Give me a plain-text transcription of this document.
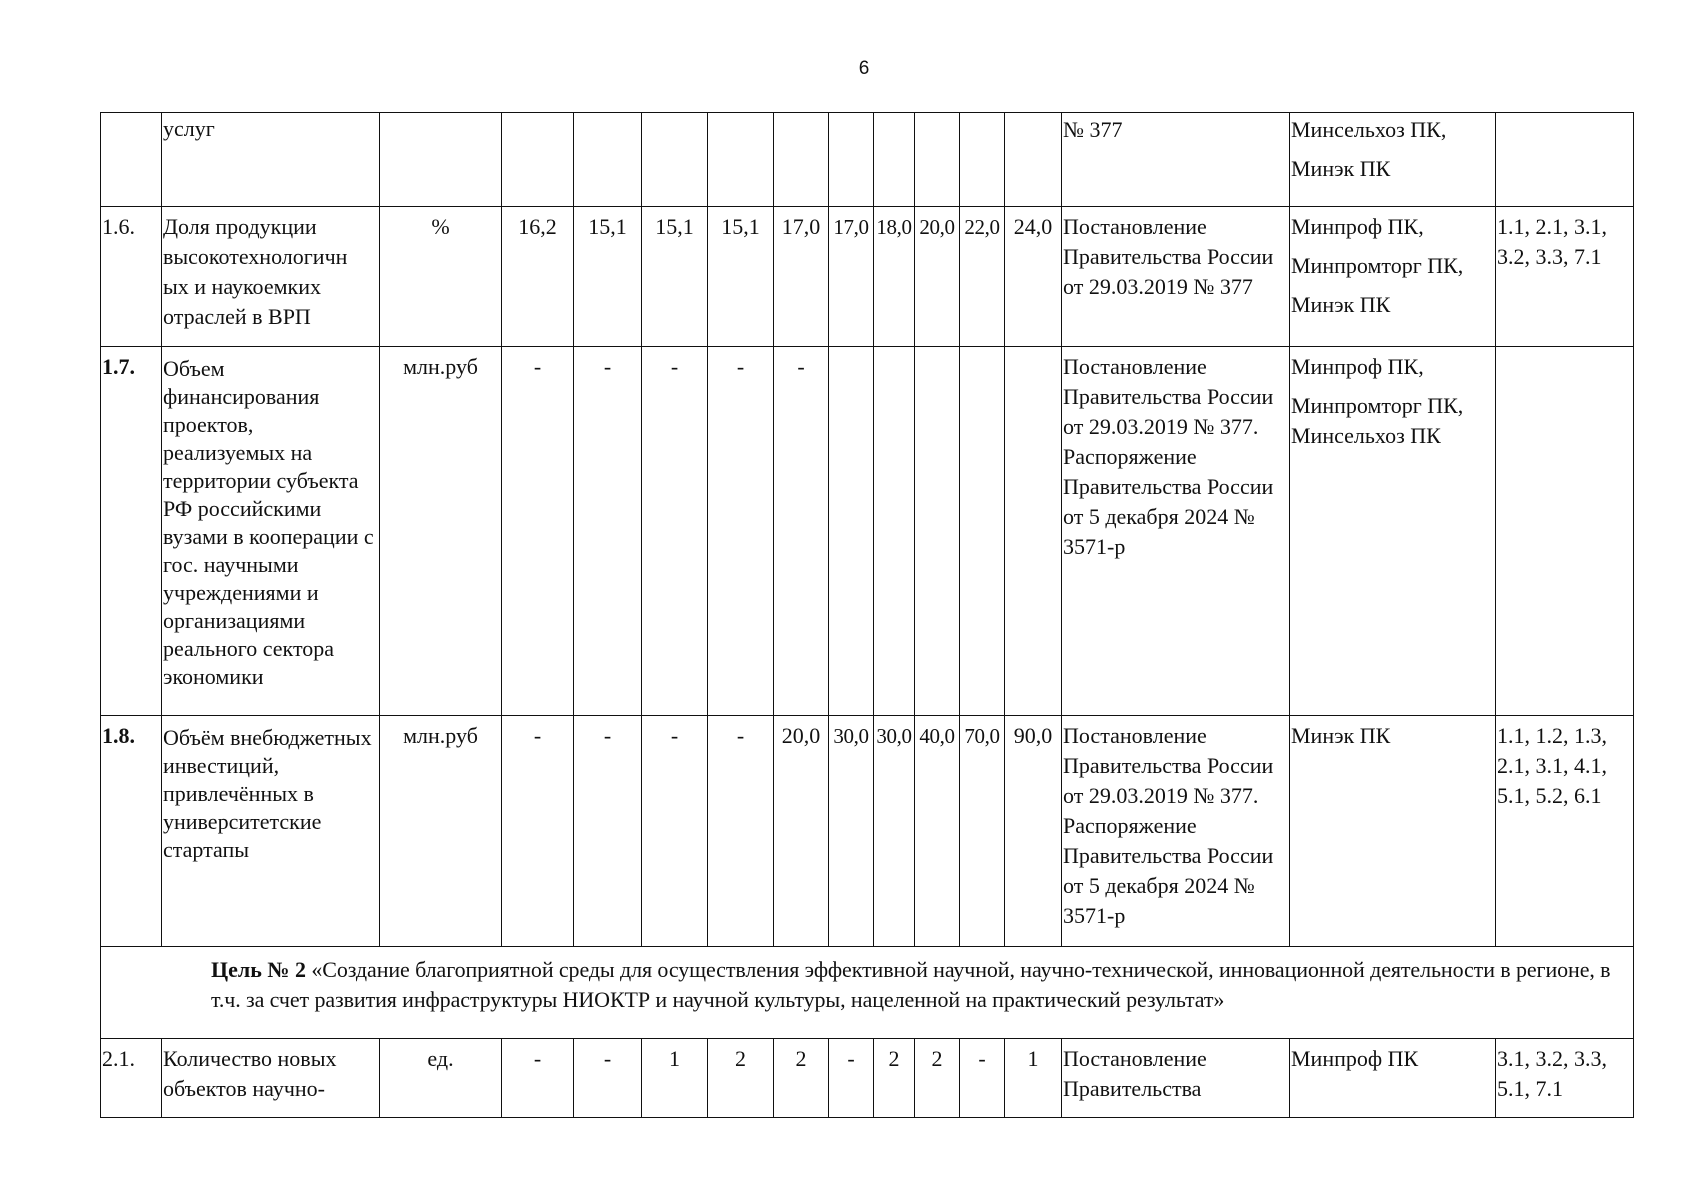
6
	услуг												№ 377	Минсельхоз ПК,
Минэк ПК	

1.6.	Доля продукции высокотехнологичн ых и наукоемких отраслей в ВРП	%	16,2	15,1	15,1	15,1	17,0	17,0	18,0	20,0	22,0	24,0	Постановление Правительства России от 29.03.2019 № 377	Минпроф ПК,
Минпромторг ПК,
Минэк ПК	1.1, 2.1, 3.1, 3.2, 3.3, 7.1
1.7.	Объем финансирования проектов, реализуемых на территории субъекта РФ российскими вузами в кооперации с гос. научными учреждениями и организациями реального сектора экономики	млн.руб	-	-	-	-	-						Постановление Правительства России от 29.03.2019 № 377. Распоряжение Правительства России от 5 декабря 2024 № 3571-р	Минпроф ПК,
Минпромторг ПК,
Минсельхоз ПК	

1.8.	Объём внебюджетных инвестиций, привлечённых в университетские стартапы	млн.руб	-	-	-	-	20,0	30,0	30,0	40,0	70,0	90,0	Постановление Правительства России от 29.03.2019 № 377. Распоряжение Правительства России от 5 декабря 2024 № 3571-р	Минэк ПК	1.1, 1.2, 1.3, 2.1, 3.1, 4.1, 5.1, 5.2, 6.1
Цель № 2 «Создание благоприятной среды для осуществления эффективной научной, научно-технической, инновационной деятельности в регионе, в т.ч. за счет развития инфраструктуры НИОКТР и научной культуры, нацеленной на практический результат»															
2.1.	Количество новых объектов научно-	ед.	-	-	1	2	2	-	2	2	-	1	Постановление Правительства	Минпроф ПК	3.1, 3.2, 3.3, 5.1, 7.1
